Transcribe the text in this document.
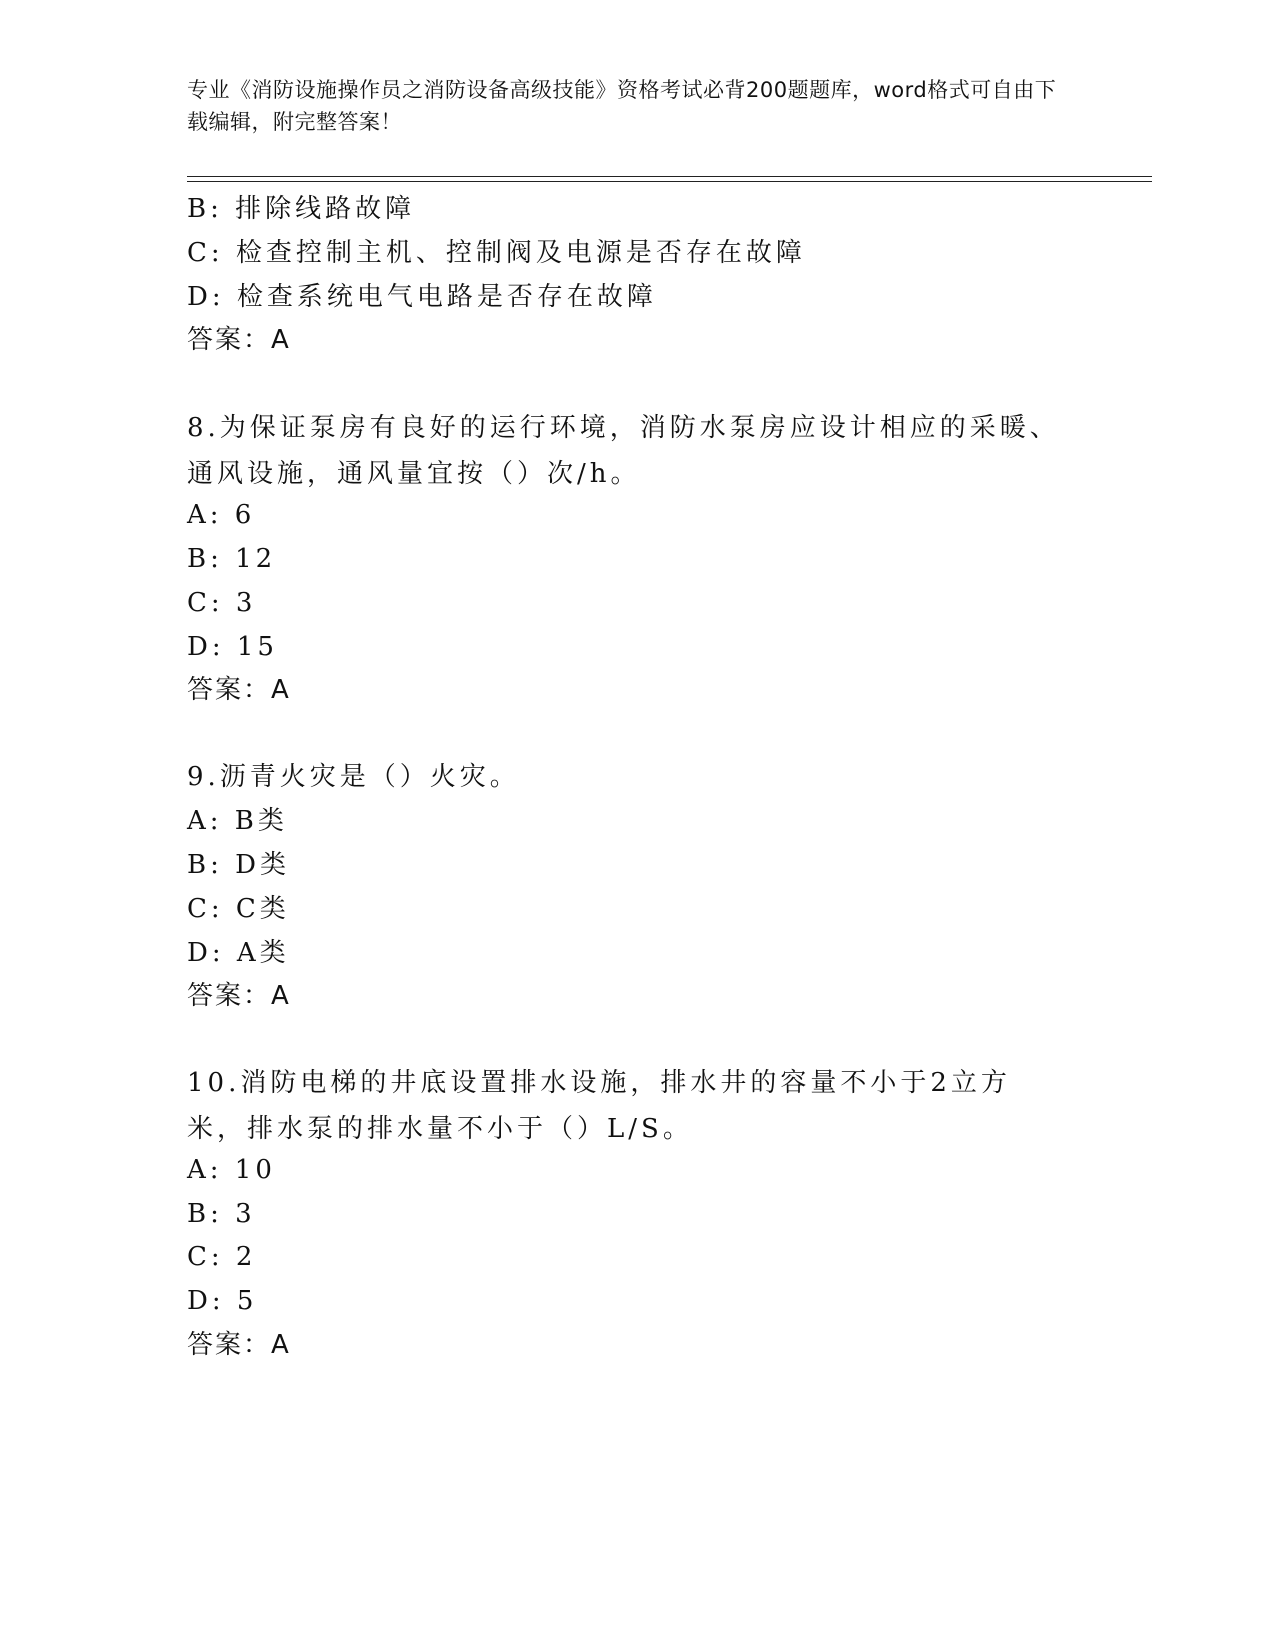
专业《消防设施操作员之消防设备高级技能》资格考试必背200题题库，word格式可自由下载编辑，附完整答案！
B: 排除线路故障
C: 检查控制主机、控制阀及电源是否存在故障
D: 检查系统电气电路是否存在故障
答案：A
8.为保证泵房有良好的运行环境，消防水泵房应设计相应的采暖、通风设施，通风量宜按（）次/h。
A: 6
B: 12
C: 3
D: 15
答案：A
9.沥青火灾是（）火灾。
A: B类
B: D类
C: C类
D: A类
答案：A
10.消防电梯的井底设置排水设施，排水井的容量不小于2立方米，排水泵的排水量不小于（）L/S。
A: 10
B: 3
C: 2
D: 5
答案：A
